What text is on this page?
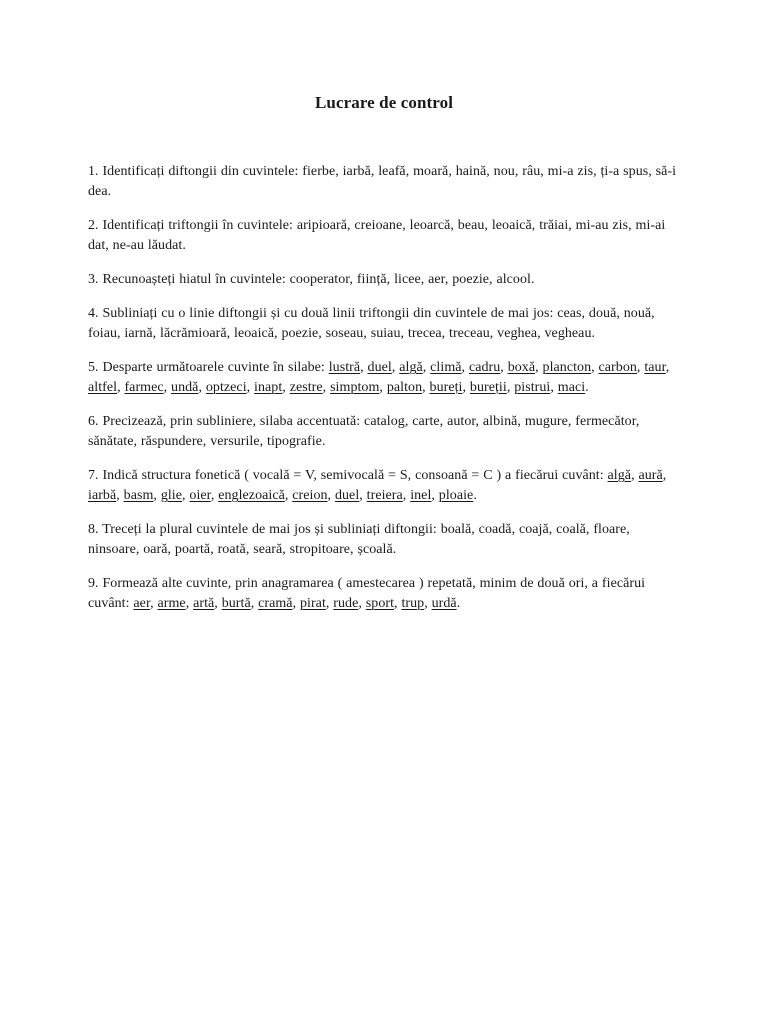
Lucrare de control

1. Identificați diftongii din cuvintele: fierbe, iarbă, leafă, moară, haină, nou, râu, mi-a zis, ți-a spus, să-i dea.

2. Identificați triftongii în cuvintele: aripioară, creioane, leoarcă, beau, leoaică, trăiai, mi-au zis, mi-ai dat, ne-au lăudat.

3. Recunoașteți hiatul în cuvintele: cooperator, ființă, licee, aer, poezie, alcool.

4. Subliniați cu o linie diftongii și cu două linii triftongii din cuvintele de mai jos: ceas, două, nouă, foiau, iarnă, lăcrămioară, leoaică, poezie, soseau, suiau, trecea, treceau, veghea, vegheau.

5. Desparte următoarele cuvinte în silabe: lustră, duel, algă, climă, cadru, boxă, plancton, carbon, taur, altfel, farmec, undă, optzeci, inapt, zestre, simptom, palton, bureți, bureții, pistrui, maci.

6. Precizează, prin subliniere, silaba accentuată: catalog, carte, autor, albină, mugure, fermecător, sănătate, răspundere, versurile, tipografie.

7. Indică structura fonetică ( vocală = V, semivocală = S, consoană = C ) a fiecărui cuvânt: algă, aură, iarbă, basm, glie, oier, englezoaică, creion, duel, treiera, inel, ploaie.

8. Treceți la plural cuvintele de mai jos și subliniați diftongii: boală, coadă, coajă, coală, floare, ninsoare, oară, poartă, roată, seară, stropitoare, școală.

9. Formează alte cuvinte, prin anagramarea ( amestecarea ) repetată, minim de două ori, a fiecărui cuvânt: aer, arme, artă, burtă, cramă, pirat, rude, sport, trup, urdă.
